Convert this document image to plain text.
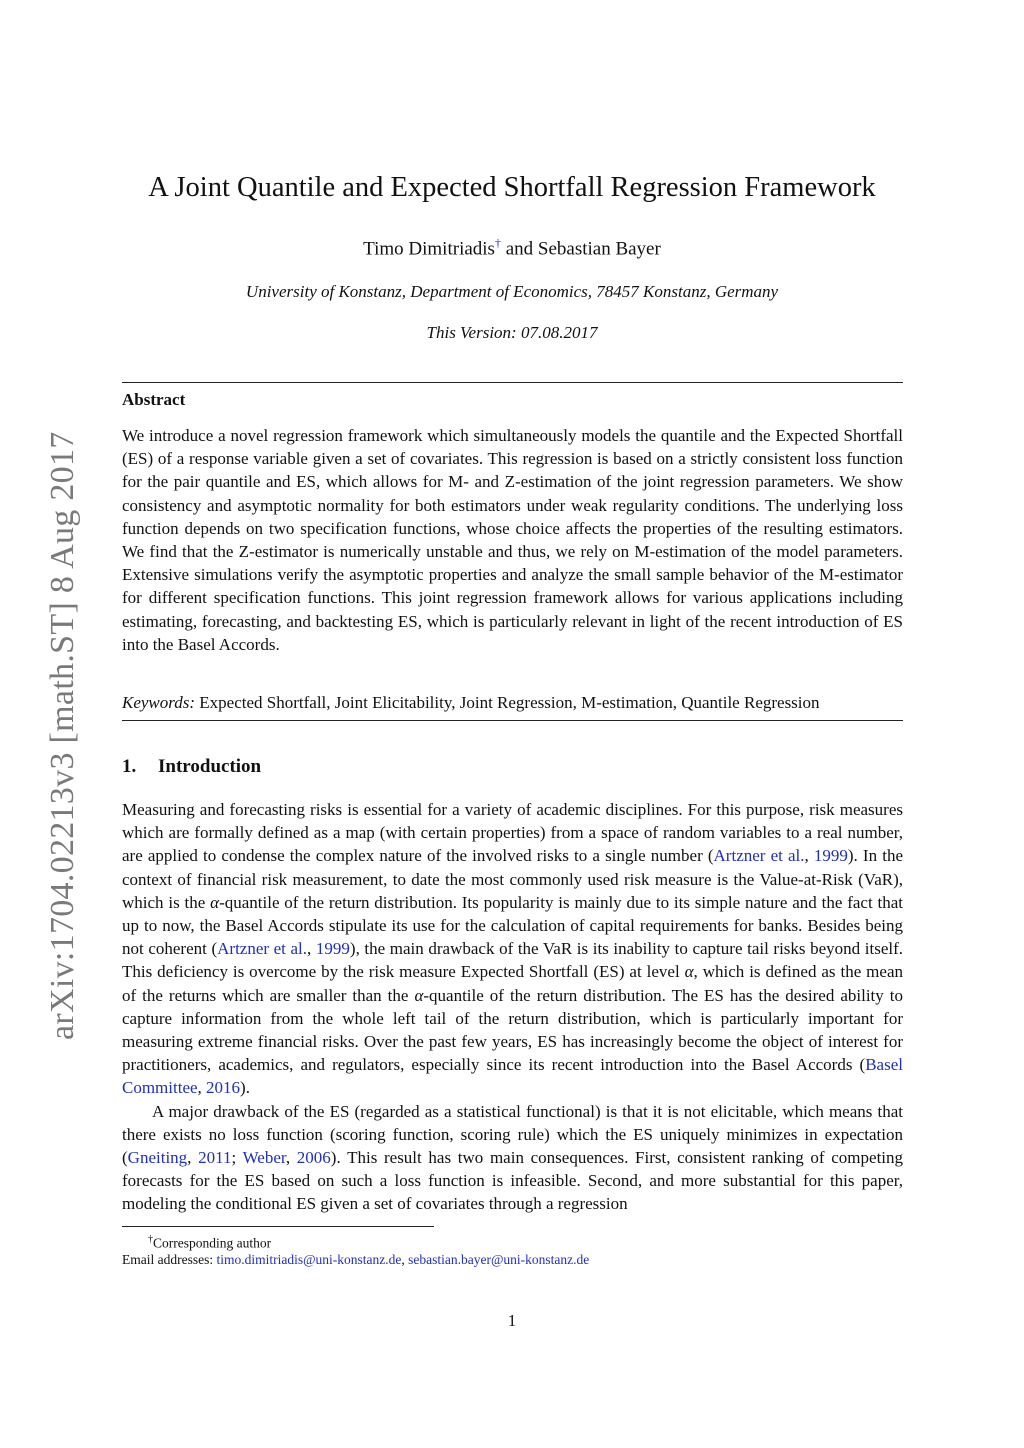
arXiv:1704.02213v3 [math.ST] 8 Aug 2017
A Joint Quantile and Expected Shortfall Regression Framework
Timo Dimitriadis† and Sebastian Bayer
University of Konstanz, Department of Economics, 78457 Konstanz, Germany
This Version: 07.08.2017
Abstract
We introduce a novel regression framework which simultaneously models the quantile and the Expected Shortfall (ES) of a response variable given a set of covariates. This regression is based on a strictly consistent loss function for the pair quantile and ES, which allows for M- and Z-estimation of the joint regression parameters. We show consistency and asymptotic normality for both estimators under weak regularity conditions. The underlying loss function depends on two specification functions, whose choice affects the properties of the resulting estimators. We find that the Z-estimator is numerically unstable and thus, we rely on M-estimation of the model parameters. Extensive simulations verify the asymptotic properties and analyze the small sample behavior of the M-estimator for different specification functions. This joint regression framework allows for various applications including estimating, forecasting, and backtesting ES, which is particularly relevant in light of the recent introduction of ES into the Basel Accords.
Keywords: Expected Shortfall, Joint Elicitability, Joint Regression, M-estimation, Quantile Regression
1. Introduction

Measuring and forecasting risks is essential for a variety of academic disciplines. For this purpose, risk measures which are formally defined as a map (with certain properties) from a space of random variables to a real number, are applied to condense the complex nature of the involved risks to a single number (Artzner et al., 1999). In the context of financial risk measurement, to date the most commonly used risk measure is the Value-at-Risk (VaR), which is the α-quantile of the return distribution. Its popularity is mainly due to its simple nature and the fact that up to now, the Basel Accords stipulate its use for the calculation of capital requirements for banks. Besides being not coherent (Artzner et al., 1999), the main drawback of the VaR is its inability to capture tail risks beyond itself. This deficiency is overcome by the risk measure Expected Shortfall (ES) at level α, which is defined as the mean of the returns which are smaller than the α-quantile of the return distribution. The ES has the desired ability to capture information from the whole left tail of the return distribution, which is particularly important for measuring extreme financial risks. Over the past few years, ES has increasingly become the object of interest for practitioners, academics, and regulators, especially since its recent introduction into the Basel Accords (Basel Committee, 2016).

A major drawback of the ES (regarded as a statistical functional) is that it is not elicitable, which means that there exists no loss function (scoring function, scoring rule) which the ES uniquely minimizes in expectation (Gneiting, 2011; Weber, 2006). This result has two main consequences. First, consistent ranking of competing forecasts for the ES based on such a loss function is infeasible. Second, and more substantial for this paper, modeling the conditional ES given a set of covariates through a regression

†Corresponding author
Email addresses: timo.dimitriadis@uni-konstanz.de, sebastian.bayer@uni-konstanz.de
1
